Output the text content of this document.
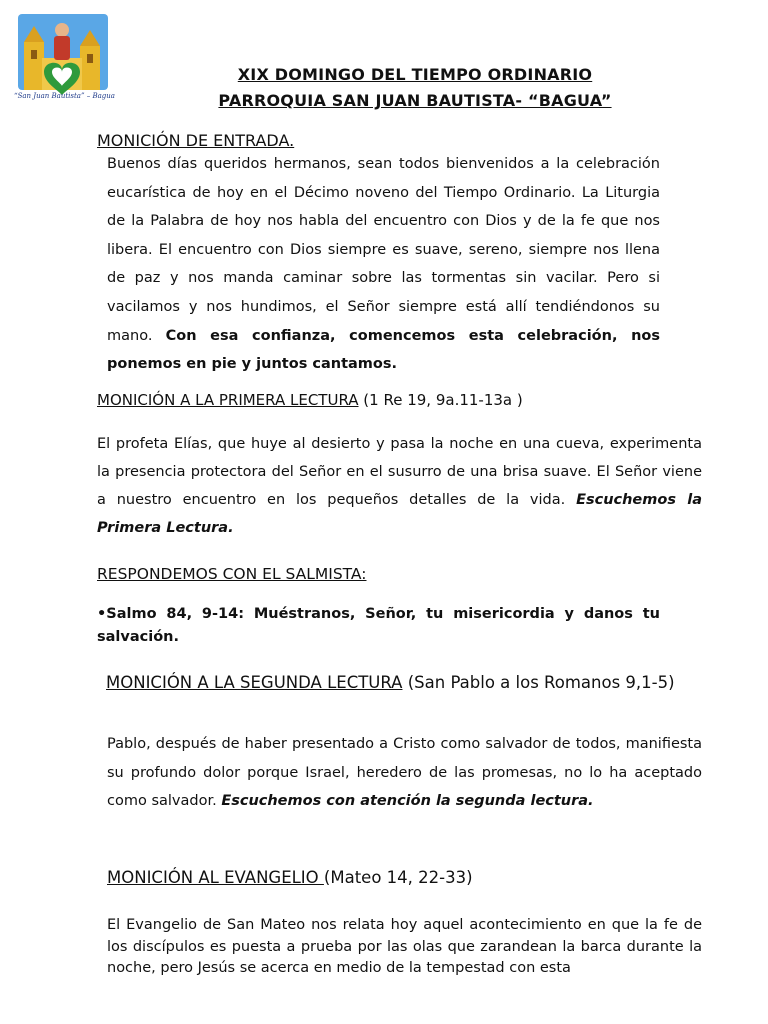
“San Juan Bautista” – Bagua
XIX DOMINGO DEL TIEMPO ORDINARIO
PARROQUIA SAN JUAN BAUTISTA- “BAGUA”
MONICIÓN DE ENTRADA.
Buenos días queridos hermanos, sean todos bienvenidos a la celebración eucarística de hoy en el Décimo noveno del Tiempo Ordinario. La Liturgia de la Palabra de hoy nos habla del encuentro con Dios y de la fe que nos libera. El encuentro con Dios siempre es suave, sereno, siempre nos llena de paz y nos manda caminar sobre las tormentas sin vacilar. Pero si vacilamos y nos hundimos, el Señor siempre está allí tendiéndonos su mano. Con esa confianza, comencemos esta celebración, nos ponemos en pie y juntos cantamos.
MONICIÓN A LA PRIMERA LECTURA (1 Re 19, 9a.11-13a )
El profeta Elías, que huye al desierto y pasa la noche en una cueva, experimenta la presencia protectora del Señor en el susurro de una brisa suave. El Señor viene a nuestro encuentro en los pequeños detalles de la vida. Escuchemos la Primera Lectura.
RESPONDEMOS CON EL SALMISTA:
•Salmo 84, 9-14: Muéstranos, Señor, tu misericordia y danos tu salvación.
MONICIÓN A LA SEGUNDA LECTURA (San Pablo a los Romanos 9,1-5)
Pablo, después de haber presentado a Cristo como salvador de todos, manifiesta su profundo dolor porque Israel, heredero de las promesas, no lo ha aceptado como salvador. Escuchemos con atención la segunda lectura.
MONICIÓN AL EVANGELIO (Mateo 14, 22-33)
El Evangelio de San Mateo nos relata hoy aquel acontecimiento en que la fe de los discípulos es puesta a prueba por las olas que zarandean la barca durante la noche, pero Jesús se acerca en medio de la tempestad con esta
